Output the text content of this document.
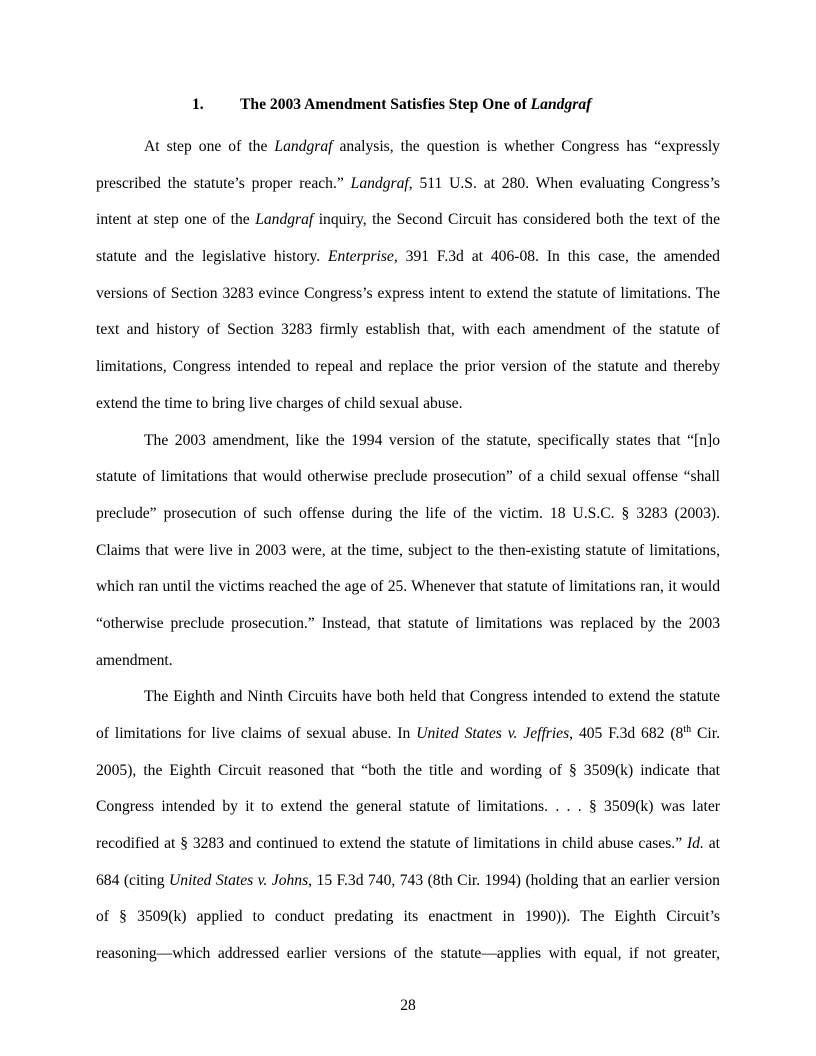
1. The 2003 Amendment Satisfies Step One of Landgraf
At step one of the Landgraf analysis, the question is whether Congress has “expressly
prescribed the statute’s proper reach.” Landgraf, 511 U.S. at 280. When evaluating Congress’s
intent at step one of the Landgraf inquiry, the Second Circuit has considered both the text of the
statute and the legislative history. Enterprise, 391 F.3d at 406-08. In this case, the amended
versions of Section 3283 evince Congress’s express intent to extend the statute of limitations. The
text and history of Section 3283 firmly establish that, with each amendment of the statute of
limitations, Congress intended to repeal and replace the prior version of the statute and thereby
extend the time to bring live charges of child sexual abuse.
The 2003 amendment, like the 1994 version of the statute, specifically states that “[n]o
statute of limitations that would otherwise preclude prosecution” of a child sexual offense “shall
preclude” prosecution of such offense during the life of the victim. 18 U.S.C. § 3283 (2003).
Claims that were live in 2003 were, at the time, subject to the then-existing statute of limitations,
which ran until the victims reached the age of 25. Whenever that statute of limitations ran, it would
“otherwise preclude prosecution.” Instead, that statute of limitations was replaced by the 2003
amendment.
The Eighth and Ninth Circuits have both held that Congress intended to extend the statute
of limitations for live claims of sexual abuse. In United States v. Jeffries, 405 F.3d 682 (8th Cir.
2005), the Eighth Circuit reasoned that “both the title and wording of § 3509(k) indicate that
Congress intended by it to extend the general statute of limitations. . . . § 3509(k) was later
recodified at § 3283 and continued to extend the statute of limitations in child abuse cases.” Id. at
684 (citing United States v. Johns, 15 F.3d 740, 743 (8th Cir. 1994) (holding that an earlier version
of § 3509(k) applied to conduct predating its enactment in 1990)). The Eighth Circuit’s
reasoning—which addressed earlier versions of the statute—applies with equal, if not greater,
28
